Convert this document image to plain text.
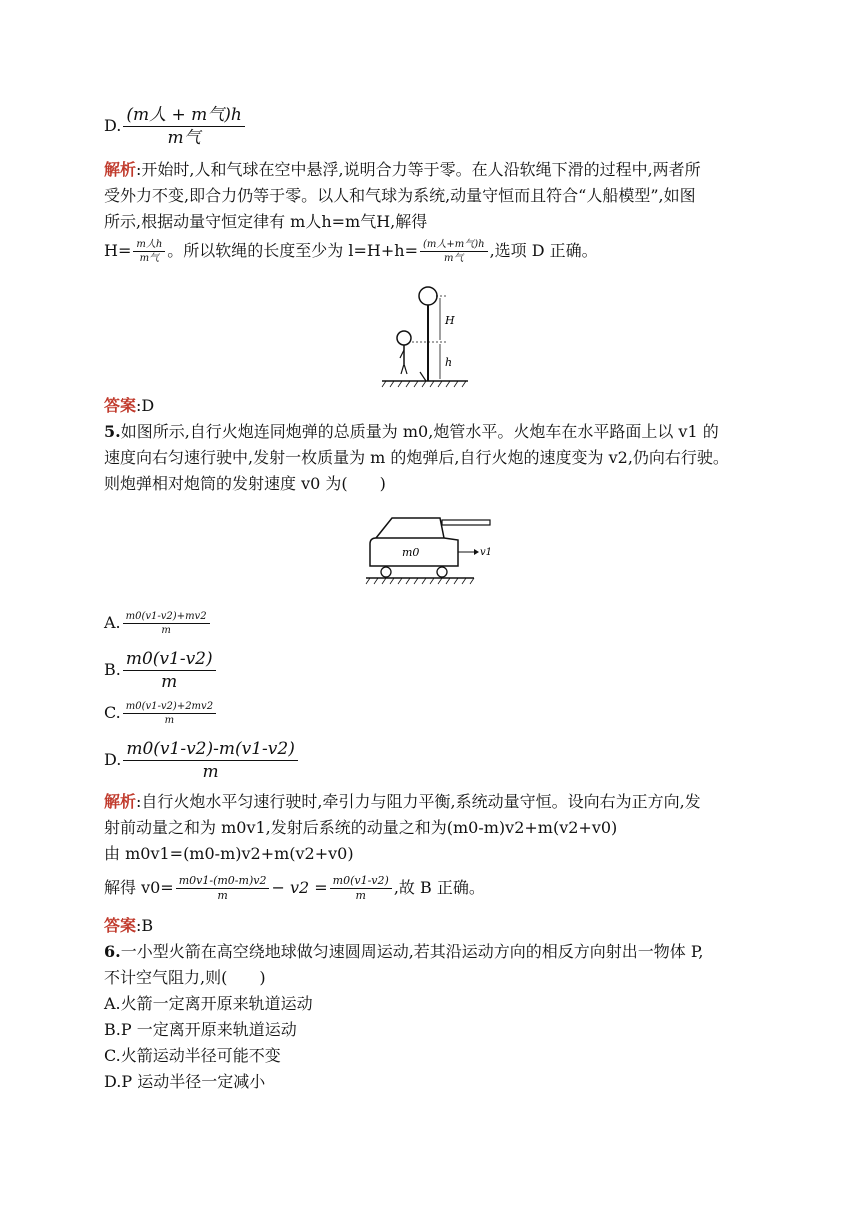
D. $\frac{\text{(m人 + m气)h}}{\text{m气}}$
解析:开始时,人和气球在空中悬浮,说明合力等于零。在人沿软绳下滑的过程中,两者所
受外力不变,即合力仍等于零。以人和气球为系统,动量守恒而且符合“人船模型”,如图
所示,根据动量守恒定律有 m人h=m气H,解得
$H= \frac{\text{m人h}}{\text{m气}}$ 。所以软绳的长度至少为 $l=H+h= \frac{\text{(m人+m气)h}}{\text{m气}}$ ,选项 D 正确。
H
h
答案:D
5.如图所示,自行火炮连同炮弹的总质量为 m0,炮管水平。火炮车在水平路面上以 v1 的
速度向右匀速行驶中,发射一枚质量为 m 的炮弹后,自行火炮的速度变为 v2,仍向右行驶。
则炮弹相对炮筒的发射速度 v0 为(　　)
m0	v1
A. $\frac{m0(v1-v2)+mv2}{m}$
B. $\frac{m0(v1-v2)}{m}$
C. $\frac{m0(v1-v2)+2mv2}{m}$
D. $\frac{m0(v1-v2)-m(v1-v2)}{m}$
解析:自行火炮水平匀速行驶时,牵引力与阻力平衡,系统动量守恒。设向右为正方向,发
射前动量之和为 m0v1,发射后系统的动量之和为(m0-m)v2+m(v2+v0)
由 m0v1=(m0-m)v2+m(v2+v0)
解得 $v0= \frac{m0v1-(m0-m)v2}{m} - v2 = \frac{m0(v1-v2)}{m}$ ,故 B 正确。
答案:B
6.一小型火箭在高空绕地球做匀速圆周运动,若其沿运动方向的相反方向射出一物体 P,
不计空气阻力,则(　　)
A.火箭一定离开原来轨道运动
B.P 一定离开原来轨道运动
C.火箭运动半径可能不变
D.P 运动半径一定减小
